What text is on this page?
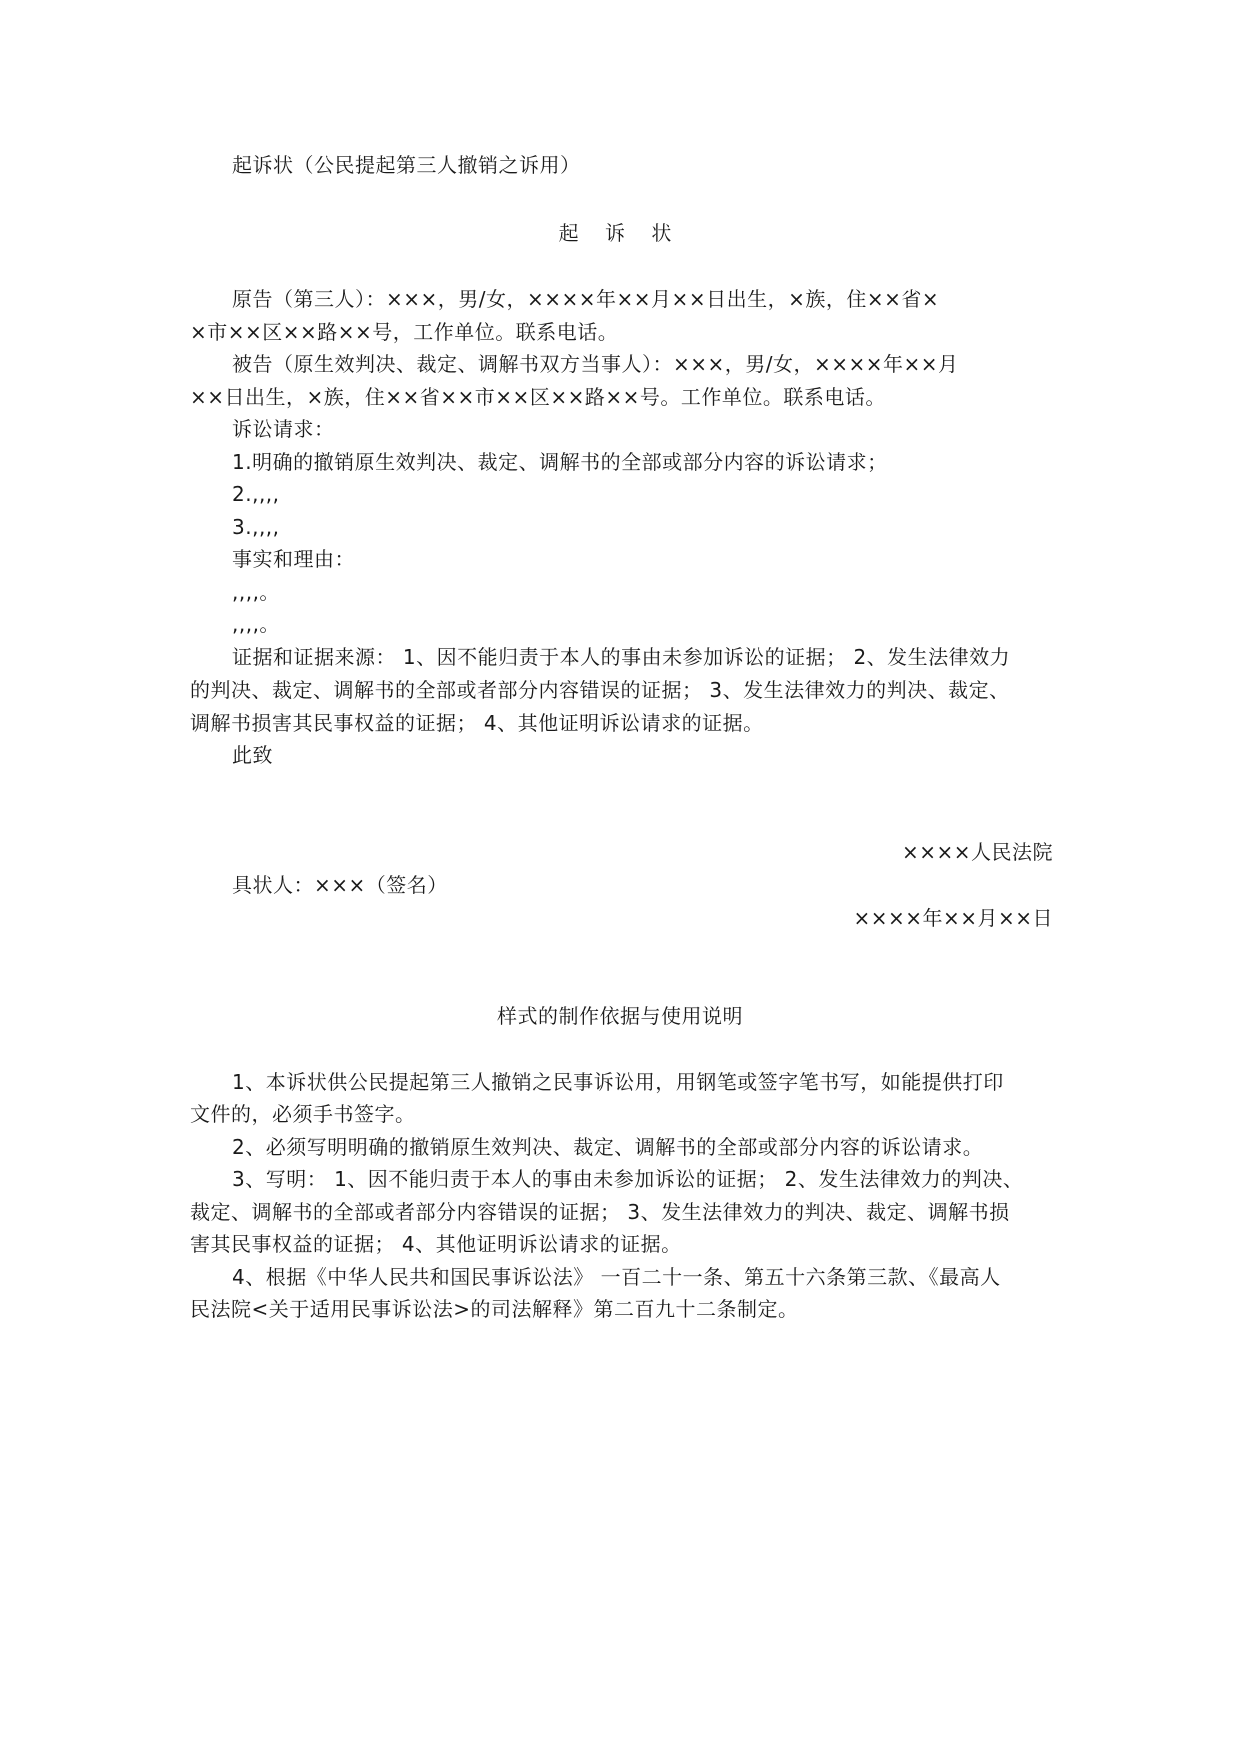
起诉状（公民提起第三人撤销之诉用）
起 诉 状
原告（第三人）：×××，男/女，××××年××月××日出生，×族，住××省×
×市××区××路××号，工作单位。联系电话。
被告（原生效判决、裁定、调解书双方当事人）：×××，男/女，××××年××月
××日出生，×族，住××省××市××区××路××号。工作单位。联系电话。
诉讼请求：
1.明确的撤销原生效判决、裁定、调解书的全部或部分内容的诉讼请求；
2.,,,,
3.,,,,
事实和理由：
,,,,。
,,,,。
证据和证据来源： 1、因不能归责于本人的事由未参加诉讼的证据； 2、发生法律效力
的判决、裁定、调解书的全部或者部分内容错误的证据； 3、发生法律效力的判决、裁定、
调解书损害其民事权益的证据； 4、其他证明诉讼请求的证据。
此致
××××人民法院
具状人：×××（签名）
××××年××月××日
样式的制作依据与使用说明
1、本诉状供公民提起第三人撤销之民事诉讼用，用钢笔或签字笔书写，如能提供打印
文件的，必须手书签字。
2、必须写明明确的撤销原生效判决、裁定、调解书的全部或部分内容的诉讼请求。
3、写明： 1、因不能归责于本人的事由未参加诉讼的证据； 2、发生法律效力的判决、
裁定、调解书的全部或者部分内容错误的证据； 3、发生法律效力的判决、裁定、调解书损
害其民事权益的证据； 4、其他证明诉讼请求的证据。
4、根据《中华人民共和国民事诉讼法》 一百二十一条、第五十六条第三款、《最高人
民法院<关于适用民事诉讼法>的司法解释》第二百九十二条制定。
